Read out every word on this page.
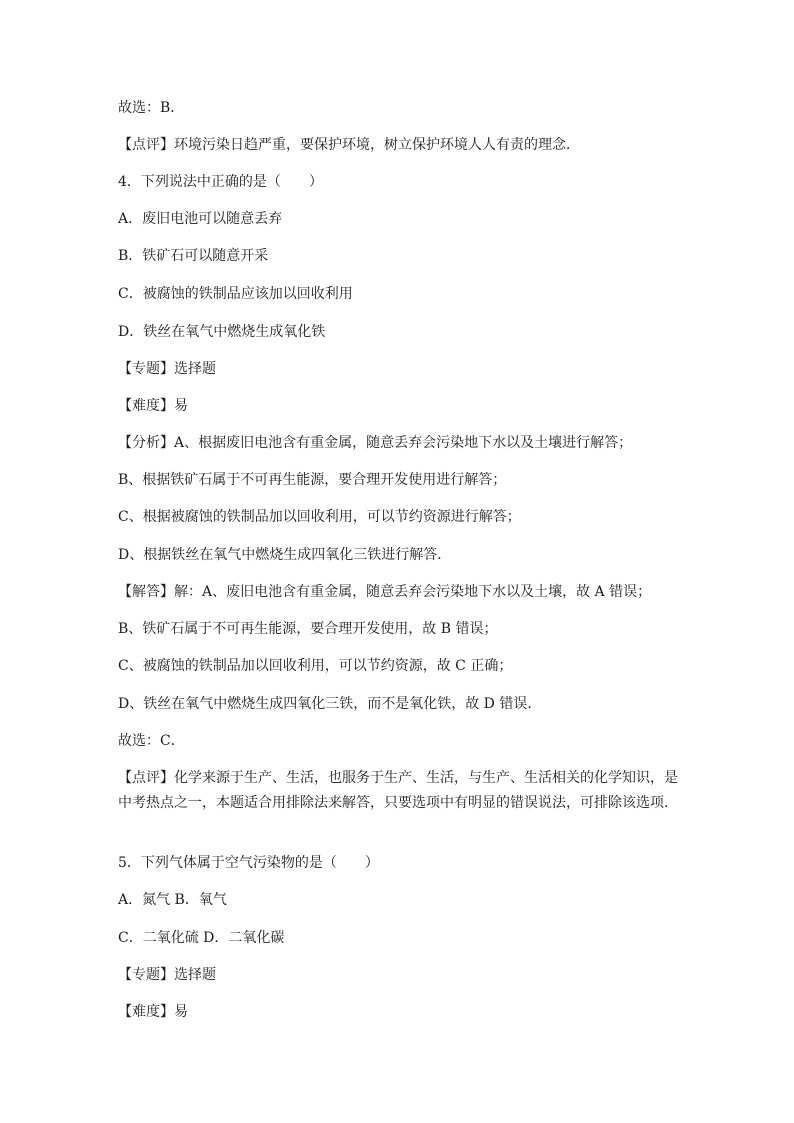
故选：B．
【点评】环境污染日趋严重，要保护环境，树立保护环境人人有责的理念．
4．下列说法中正确的是（　　）
A．废旧电池可以随意丢弃
B．铁矿石可以随意开采
C．被腐蚀的铁制品应该加以回收利用
D．铁丝在氧气中燃烧生成氧化铁
【专题】选择题
【难度】易
【分析】A、根据废旧电池含有重金属，随意丢弃会污染地下水以及土壤进行解答；
B、根据铁矿石属于不可再生能源，要合理开发使用进行解答；
C、根据被腐蚀的铁制品加以回收利用，可以节约资源进行解答；
D、根据铁丝在氧气中燃烧生成四氧化三铁进行解答．
【解答】解：A、废旧电池含有重金属，随意丢弃会污染地下水以及土壤，故 A 错误；
B、铁矿石属于不可再生能源，要合理开发使用，故 B 错误；
C、被腐蚀的铁制品加以回收利用，可以节约资源，故 C 正确；
D、铁丝在氧气中燃烧生成四氧化三铁，而不是氧化铁，故 D 错误．
故选：C．
【点评】化学来源于生产、生活，也服务于生产、生活，与生产、生活相关的化学知识，是中考热点之一，本题适合用排除法来解答，只要选项中有明显的错误说法，可排除该选项．
5．下列气体属于空气污染物的是（　　）
A．氮气 B．氧气
C．二氧化硫 D．二氧化碳
【专题】选择题
【难度】易
